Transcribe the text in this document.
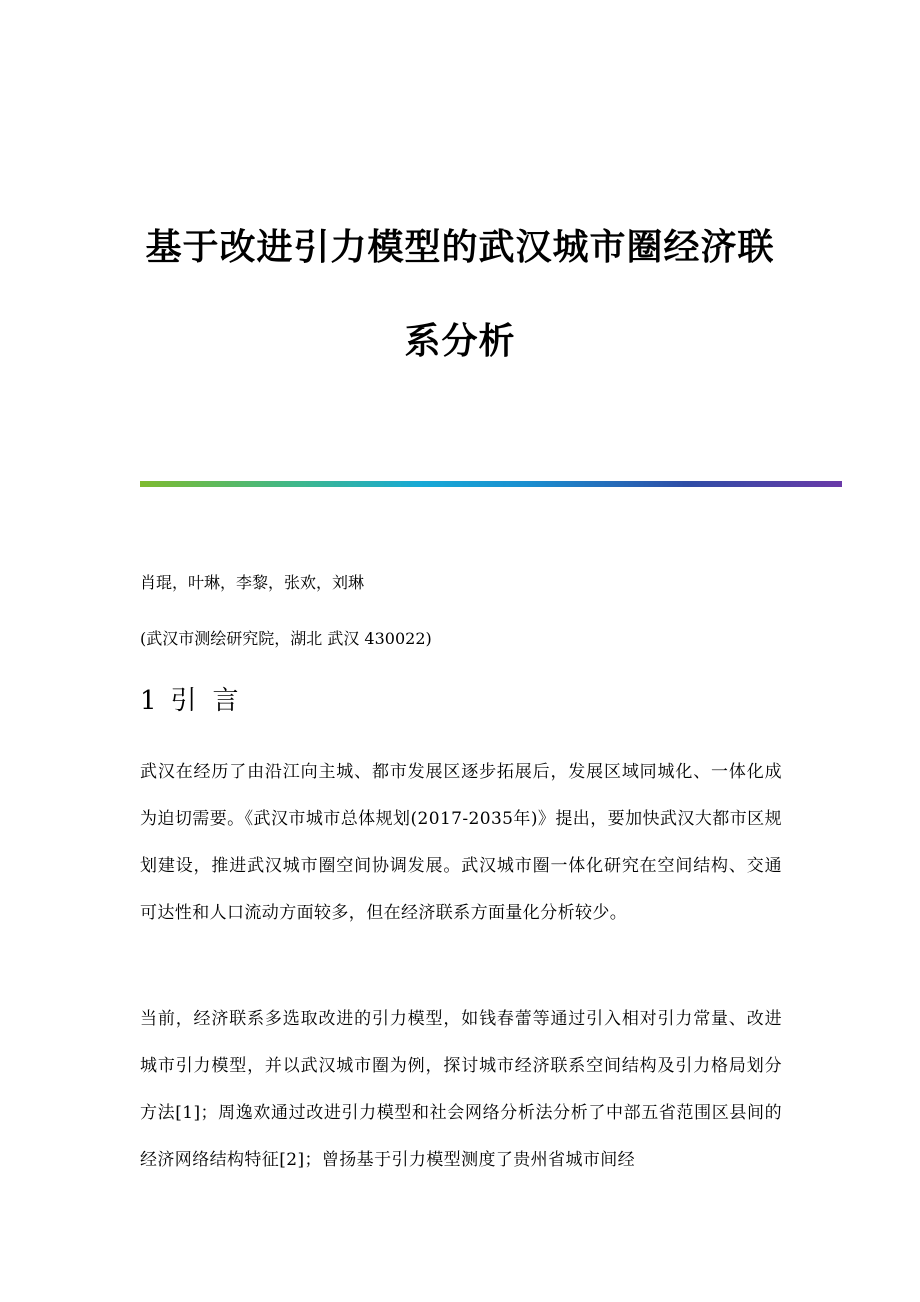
基于改进引力模型的武汉城市圈经济联
系分析
肖琨，叶琳，李黎，张欢，刘琳
(武汉市测绘研究院，湖北 武汉 430022)
1 引言

武汉在经历了由沿江向主城、都市发展区逐步拓展后，发展区域同城化、一体化成为迫切需要。《武汉市城市总体规划(2017-2035年)》提出，要加快武汉大都市区规划建设，推进武汉城市圈空间协调发展。武汉城市圈一体化研究在空间结构、交通可达性和人口流动方面较多，但在经济联系方面量化分析较少。

当前，经济联系多选取改进的引力模型，如钱春蕾等通过引入相对引力常量、改进城市引力模型，并以武汉城市圈为例，探讨城市经济联系空间结构及引力格局划分方法[1]；周逸欢通过改进引力模型和社会网络分析法分析了中部五省范围区县间的经济网络结构特征[2]；曾扬基于引力模型测度了贵州省城市间经
